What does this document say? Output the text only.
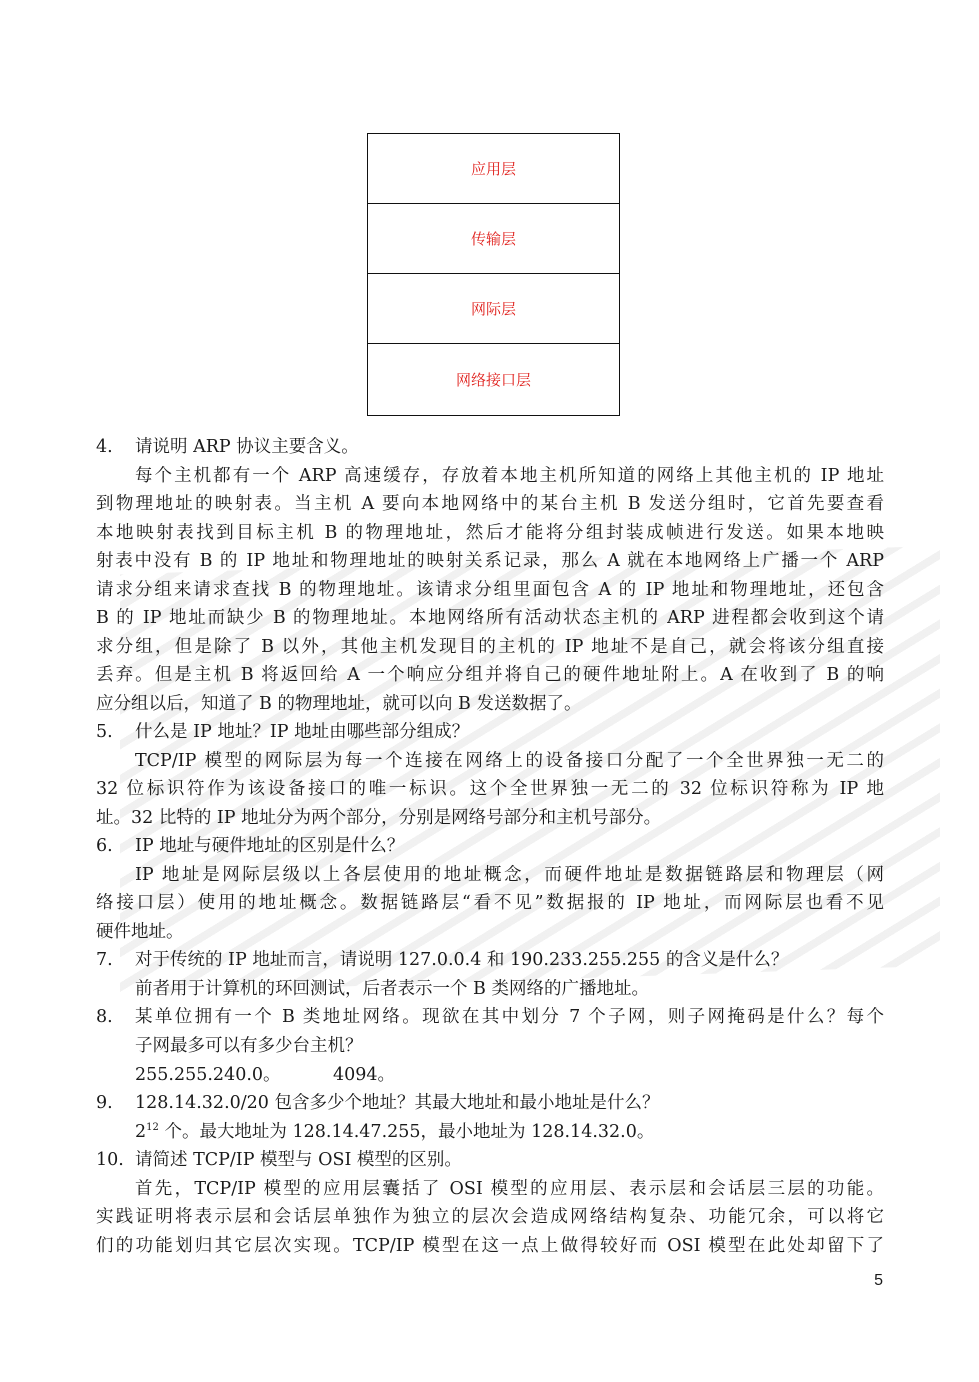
应用层
传输层
网际层
网络接口层
4. 请说明 ARP 协议主要含义。
每个主机都有一个 ARP 高速缓存，存放着本地主机所知道的网络上其他主机的 IP 地址
到物理地址的映射表。当主机 A 要向本地网络中的某台主机 B 发送分组时，它首先要查看
本地映射表找到目标主机 B 的物理地址，然后才能将分组封装成帧进行发送。如果本地映
射表中没有 B 的 IP 地址和物理地址的映射关系记录，那么 A 就在本地网络上广播一个 ARP
请求分组来请求查找 B 的物理地址。该请求分组里面包含 A 的 IP 地址和物理地址，还包含
B 的 IP 地址而缺少 B 的物理地址。本地网络所有活动状态主机的 ARP 进程都会收到这个请
求分组，但是除了 B 以外，其他主机发现目的主机的 IP 地址不是自己，就会将该分组直接
丢弃。但是主机 B 将返回给 A 一个响应分组并将自己的硬件地址附上。A 在收到了 B 的响
应分组以后，知道了 B 的物理地址，就可以向 B 发送数据了。
5. 什么是 IP 地址？IP 地址由哪些部分组成？
TCP/IP 模型的网际层为每一个连接在网络上的设备接口分配了一个全世界独一无二的
32 位标识符作为该设备接口的唯一标识。这个全世界独一无二的 32 位标识符称为 IP 地
址。32 比特的 IP 地址分为两个部分，分别是网络号部分和主机号部分。
6. IP 地址与硬件地址的区别是什么？
IP 地址是网际层级以上各层使用的地址概念，而硬件地址是数据链路层和物理层（网
络接口层）使用的地址概念。数据链路层“看不见”数据报的 IP 地址，而网际层也看不见
硬件地址。
7. 对于传统的 IP 地址而言，请说明 127.0.0.4 和 190.233.255.255 的含义是什么？
前者用于计算机的环回测试，后者表示一个 B 类网络的广播地址。
8. 某单位拥有一个 B 类地址网络。现欲在其中划分 7 个子网，则子网掩码是什么？每个
子网最多可以有多少台主机？
255.255.240.0。	4094。
9. 128.14.32.0/20 包含多少个地址？其最大地址和最小地址是什么？
$2^{12}$ 个。最大地址为 128.14.47.255，最小地址为 128.14.32.0。
10. 请简述 TCP/IP 模型与 OSI 模型的区别。
首先，TCP/IP 模型的应用层囊括了 OSI 模型的应用层、表示层和会话层三层的功能。
实践证明将表示层和会话层单独作为独立的层次会造成网络结构复杂、功能冗余，可以将它
们的功能划归其它层次实现。TCP/IP 模型在这一点上做得较好而 OSI 模型在此处却留下了
5
